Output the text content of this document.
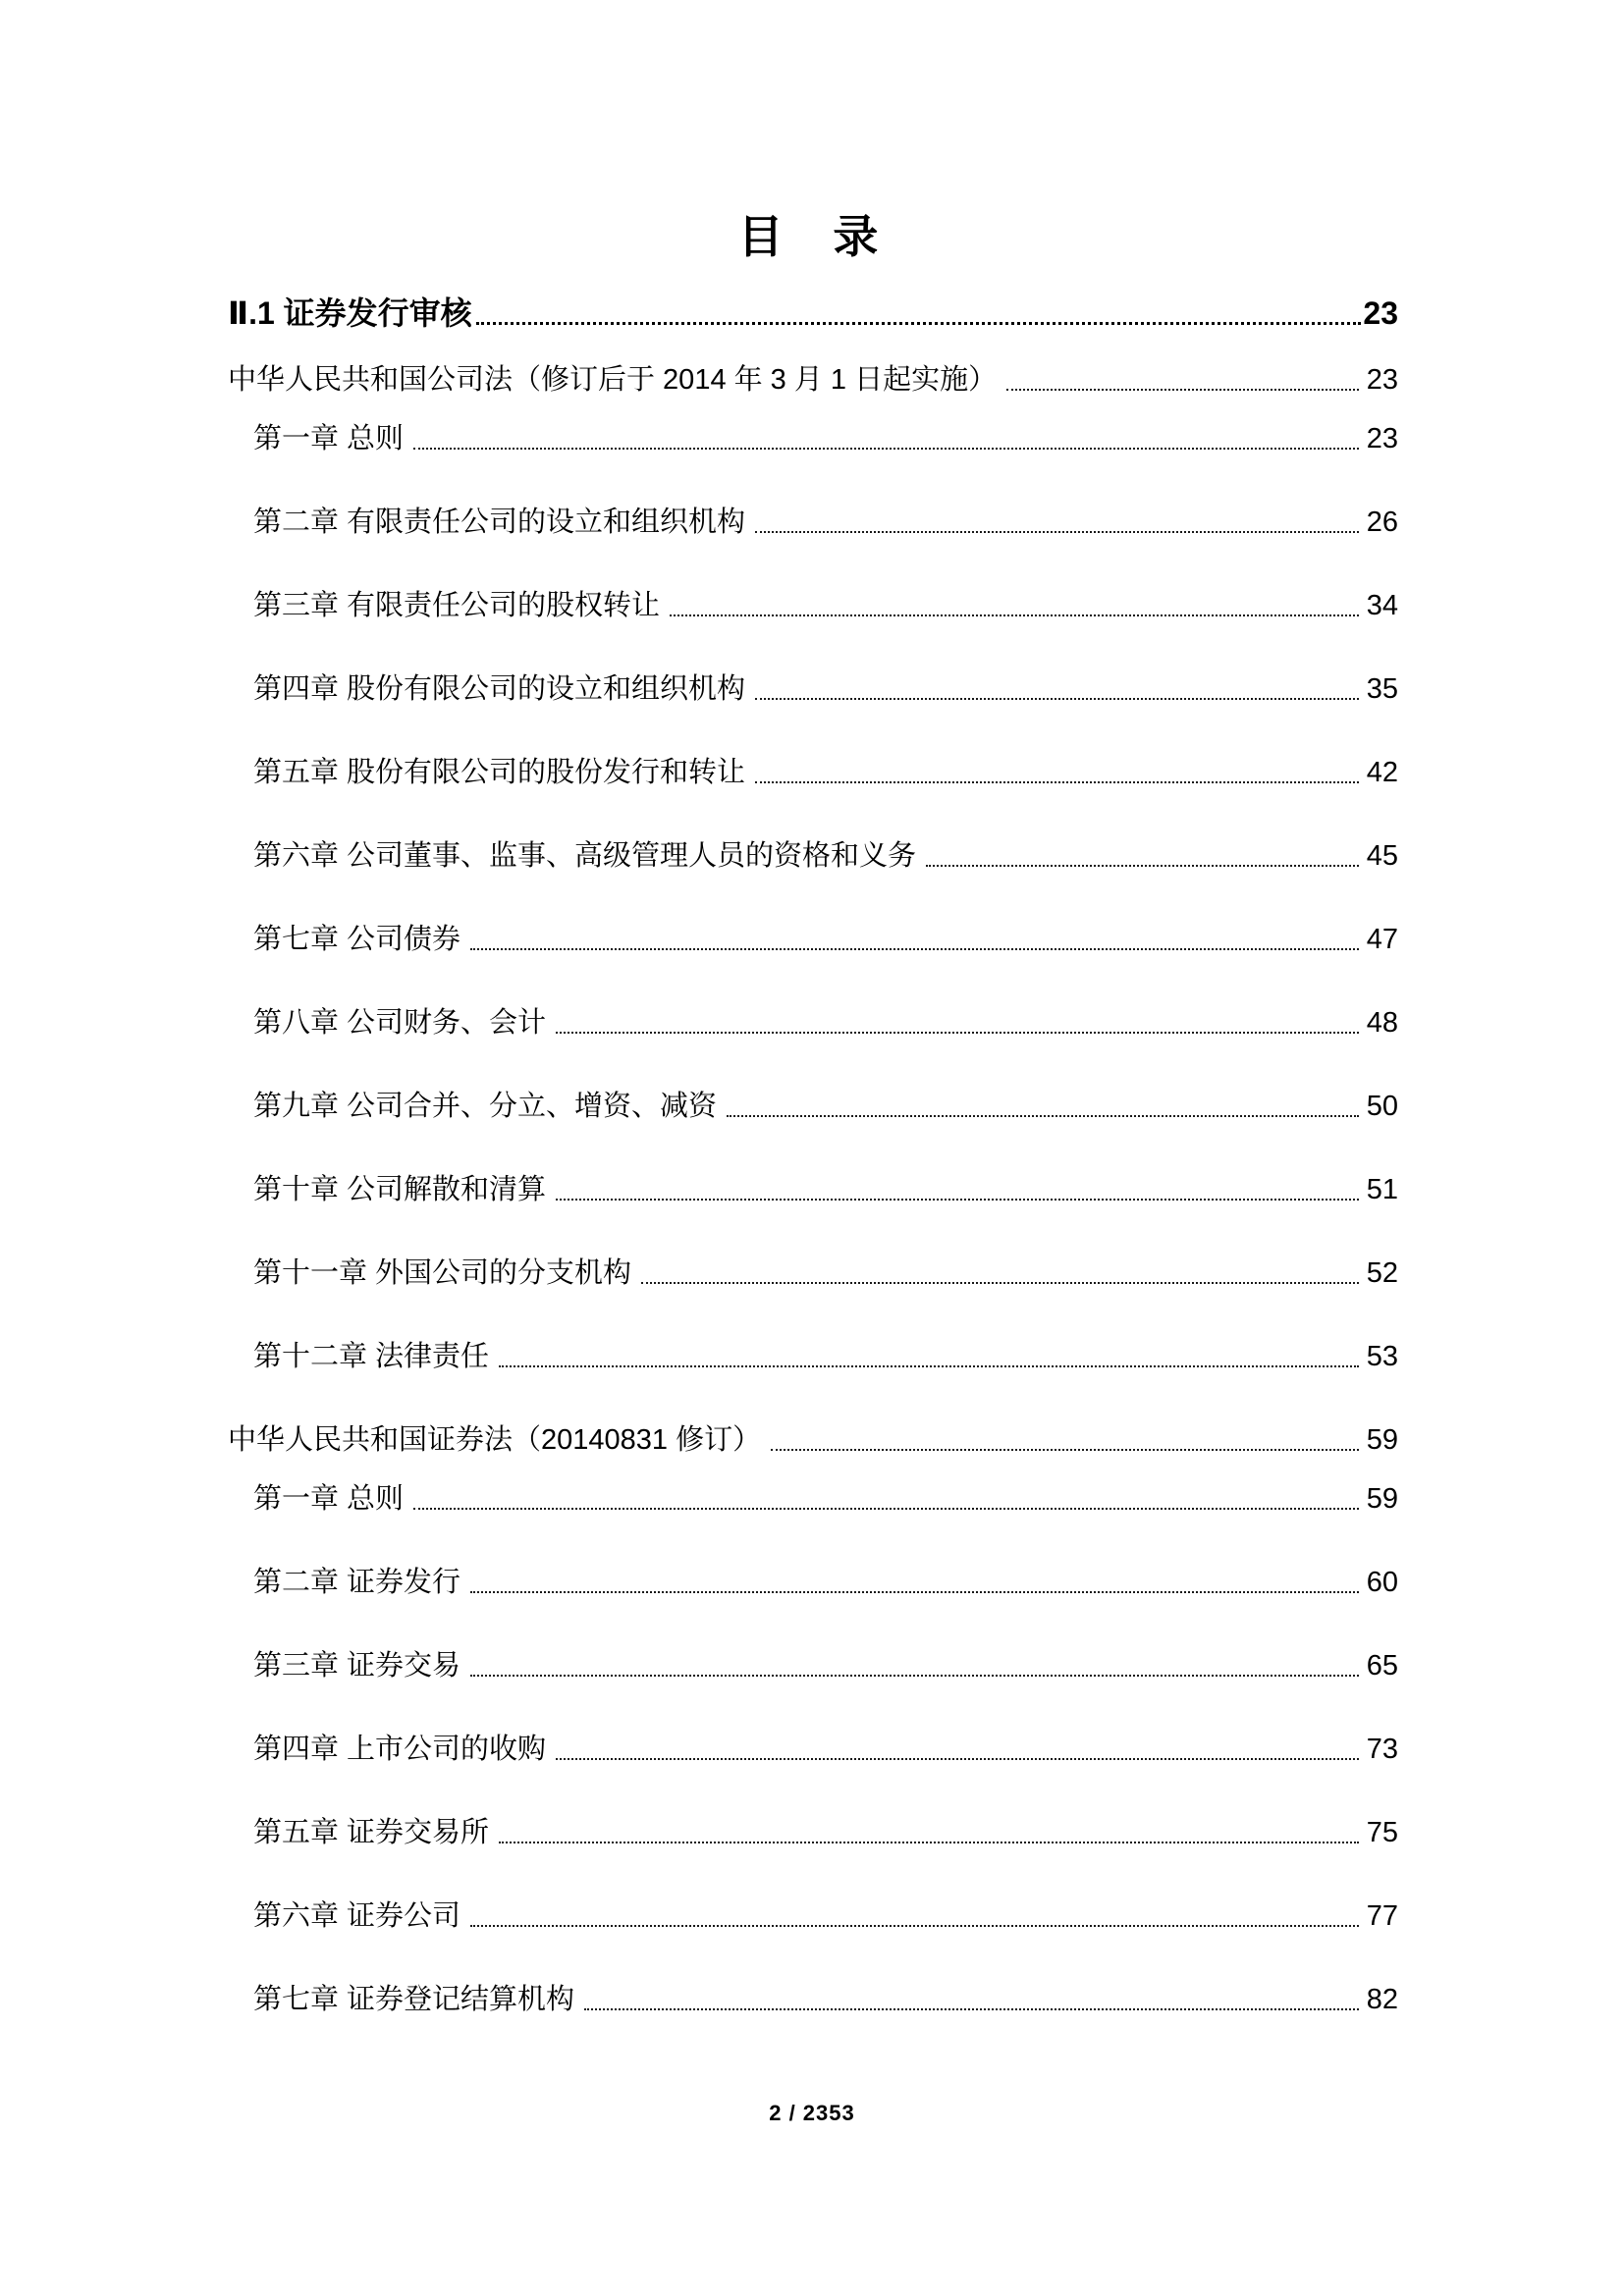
目 录
Ⅱ.1 证券发行审核	23
中华人民共和国公司法（修订后于 2014 年 3 月 1 日起实施）	23
第一章 总则	23
第二章 有限责任公司的设立和组织机构	26
第三章 有限责任公司的股权转让	34
第四章 股份有限公司的设立和组织机构	35
第五章 股份有限公司的股份发行和转让	42
第六章 公司董事、监事、高级管理人员的资格和义务	45
第七章 公司债券	47
第八章 公司财务、会计	48
第九章 公司合并、分立、增资、减资	50
第十章 公司解散和清算	51
第十一章 外国公司的分支机构	52
第十二章 法律责任	53
中华人民共和国证券法（20140831 修订）	59
第一章 总则	59
第二章 证券发行	60
第三章 证券交易	65
第四章 上市公司的收购	73
第五章 证券交易所	75
第六章 证券公司	77
第七章 证券登记结算机构	82
2 / 2353
